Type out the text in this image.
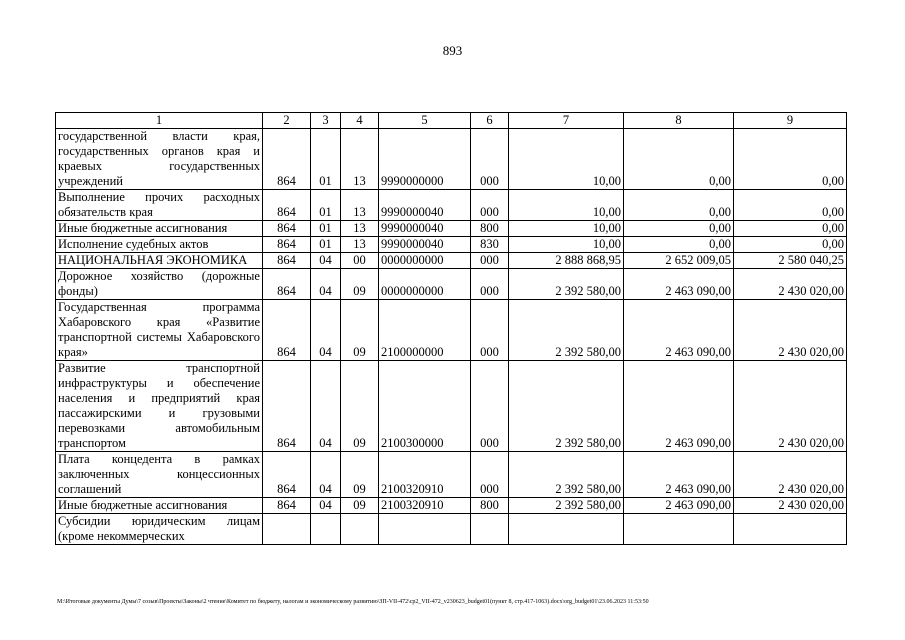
893
1	2	3	4	5	6	7	8	9
государственной власти края, государственных органов края и краевых государственных учреждений	864	01	13	9990000000	000	10,00	0,00	0,00
Выполнение прочих расходных обязательств края	864	01	13	9990000040	000	10,00	0,00	0,00
Иные бюджетные ассигнования	864	01	13	9990000040	800	10,00	0,00	0,00
Исполнение судебных актов	864	01	13	9990000040	830	10,00	0,00	0,00
НАЦИОНАЛЬНАЯ ЭКОНОМИКА	864	04	00	0000000000	000	2 888 868,95	2 652 009,05	2 580 040,25
Дорожное хозяйство (дорожные фонды)	864	04	09	0000000000	000	2 392 580,00	2 463 090,00	2 430 020,00
Государственная программа Хабаровского края «Развитие транспортной системы Хабаровского края»	864	04	09	2100000000	000	2 392 580,00	2 463 090,00	2 430 020,00
Развитие транспортной инфраструктуры и обеспечение населения и предприятий края пассажирскими и грузовыми перевозками автомобильным транспортом	864	04	09	2100300000	000	2 392 580,00	2 463 090,00	2 430 020,00
Плата концедента в рамках заключенных концессионных соглашений	864	04	09	2100320910	000	2 392 580,00	2 463 090,00	2 430 020,00
Иные бюджетные ассигнования	864	04	09	2100320910	800	2 392 580,00	2 463 090,00	2 430 020,00
Субсидии юридическим лицам (кроме некоммерческих								
М:\Итоговые документы Думы\7 созыв\Проекты\Законы\2 чтение\Комитет по бюджету, налогам и экономическому развитию\ЗП-VII-472\ср2_VII-472_v230623_budget01(пункт 8, стр.417-1063).docx\org_budget01\23.06.2023 11:53:50
